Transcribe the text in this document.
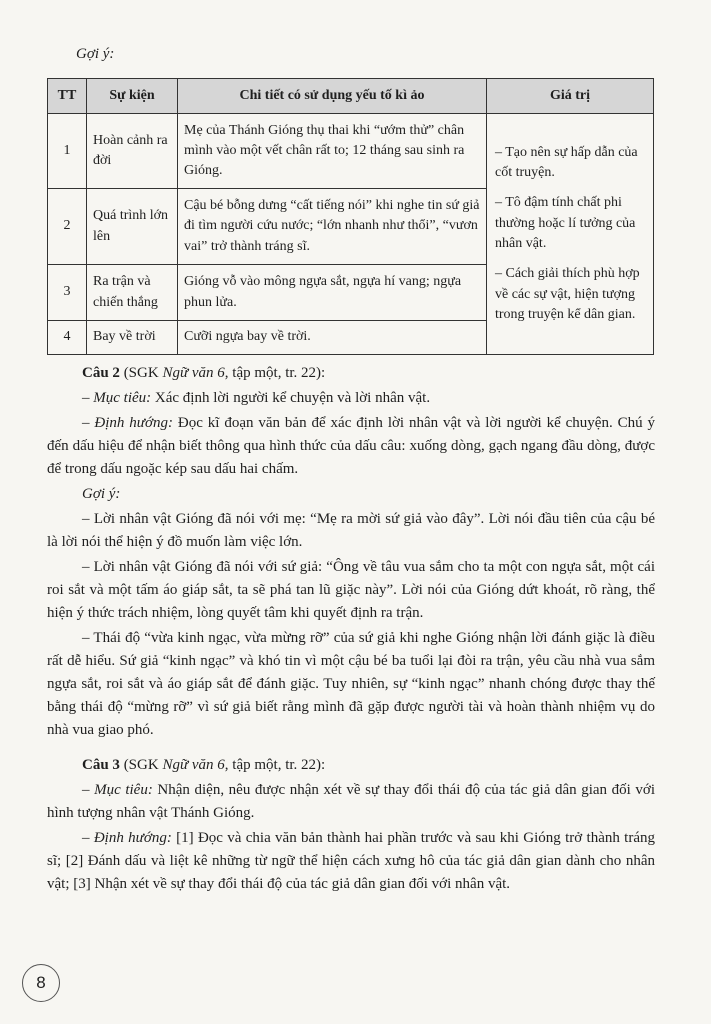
Gợi ý:
TT	Sự kiện	Chi tiết có sử dụng yếu tố kì ảo	Giá trị
1	Hoàn cảnh ra đời	Mẹ của Thánh Gióng thụ thai khi “ướm thử” chân mình vào một vết chân rất to; 12 tháng sau sinh ra Gióng.	– Tạo nên sự hấp dẫn của cốt truyện.
– Tô đậm tính chất phi thường hoặc lí tưởng của nhân vật.
– Cách giải thích phù hợp về các sự vật, hiện tượng trong truyện kể dân gian.

2	Quá trình lớn lên	Cậu bé bỗng dưng “cất tiếng nói” khi nghe tin sứ giả đi tìm người cứu nước; “lớn nhanh như thổi”, “vươn vai” trở thành tráng sĩ.	
3	Ra trận và chiến thắng	Gióng vỗ vào mông ngựa sắt, ngựa hí vang; ngựa phun lửa.	
4	Bay về trời	Cưỡi ngựa bay về trời.	

Câu 2 (SGK Ngữ văn 6, tập một, tr. 22):

– Mục tiêu: Xác định lời người kể chuyện và lời nhân vật.

– Định hướng: Đọc kĩ đoạn văn bản để xác định lời nhân vật và lời người kể chuyện. Chú ý đến dấu hiệu để nhận biết thông qua hình thức của dấu câu: xuống dòng, gạch ngang đầu dòng, được để trong dấu ngoặc kép sau dấu hai chấm.

Gợi ý:

– Lời nhân vật Gióng đã nói với mẹ: “Mẹ ra mời sứ giả vào đây”. Lời nói đầu tiên của cậu bé là lời nói thể hiện ý đồ muốn làm việc lớn.

– Lời nhân vật Gióng đã nói với sứ giả: “Ông về tâu vua sắm cho ta một con ngựa sắt, một cái roi sắt và một tấm áo giáp sắt, ta sẽ phá tan lũ giặc này”. Lời nói của Gióng dứt khoát, rõ ràng, thể hiện ý thức trách nhiệm, lòng quyết tâm khi quyết định ra trận.

– Thái độ “vừa kinh ngạc, vừa mừng rỡ” của sứ giả khi nghe Gióng nhận lời đánh giặc là điều rất dễ hiểu. Sứ giả “kinh ngạc” và khó tin vì một cậu bé ba tuổi lại đòi ra trận, yêu cầu nhà vua sắm ngựa sắt, roi sắt và áo giáp sắt để đánh giặc. Tuy nhiên, sự “kinh ngạc” nhanh chóng được thay thế bằng thái độ “mừng rỡ” vì sứ giả biết rằng mình đã gặp được người tài và hoàn thành nhiệm vụ do nhà vua giao phó.

Câu 3 (SGK Ngữ văn 6, tập một, tr. 22):

– Mục tiêu: Nhận diện, nêu được nhận xét về sự thay đổi thái độ của tác giả dân gian đối với hình tượng nhân vật Thánh Gióng.

– Định hướng: [1] Đọc và chia văn bản thành hai phần trước và sau khi Gióng trở thành tráng sĩ; [2] Đánh dấu và liệt kê những từ ngữ thể hiện cách xưng hô của tác giả dân gian dành cho nhân vật; [3] Nhận xét về sự thay đổi thái độ của tác giả dân gian đối với nhân vật.

8
